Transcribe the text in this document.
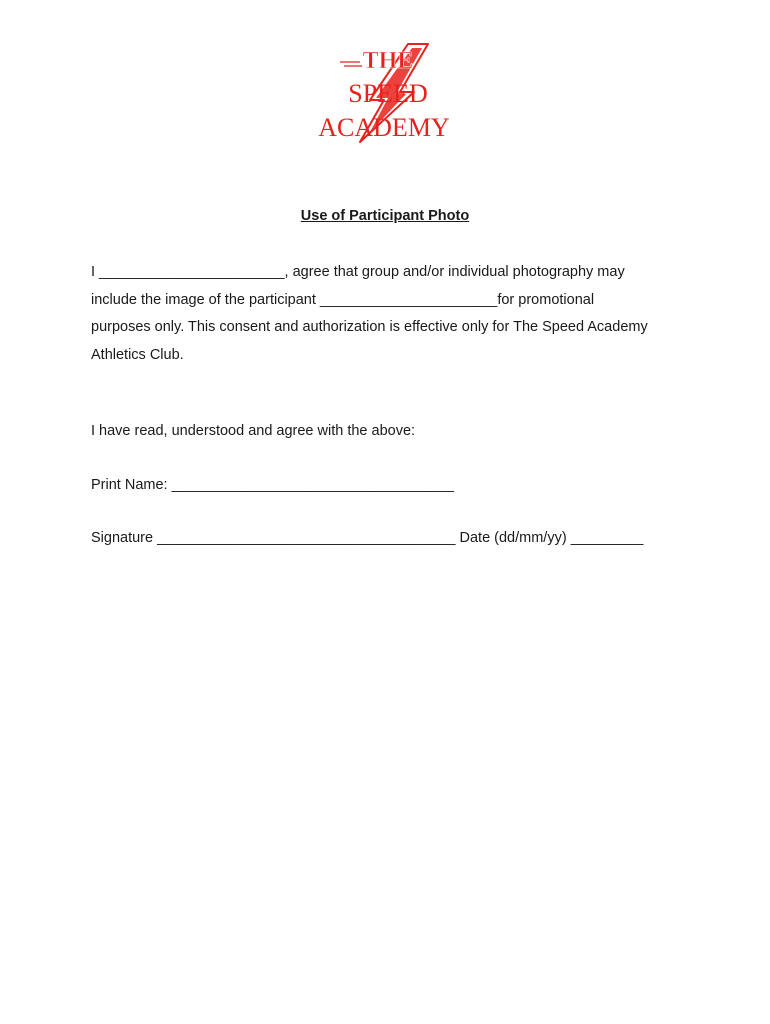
THE
SPEED
ACADEMY
Use of Participant Photo
I _______________________, agree that group and/or individual photography may
include the image of the participant ______________________for promotional
purposes only. This consent and authorization is effective only for The Speed Academy
Athletics Club.
I have read, understood and agree with the above:
Print Name: ___________________________________
Signature _____________________________________ Date (dd/mm/yy) _________
